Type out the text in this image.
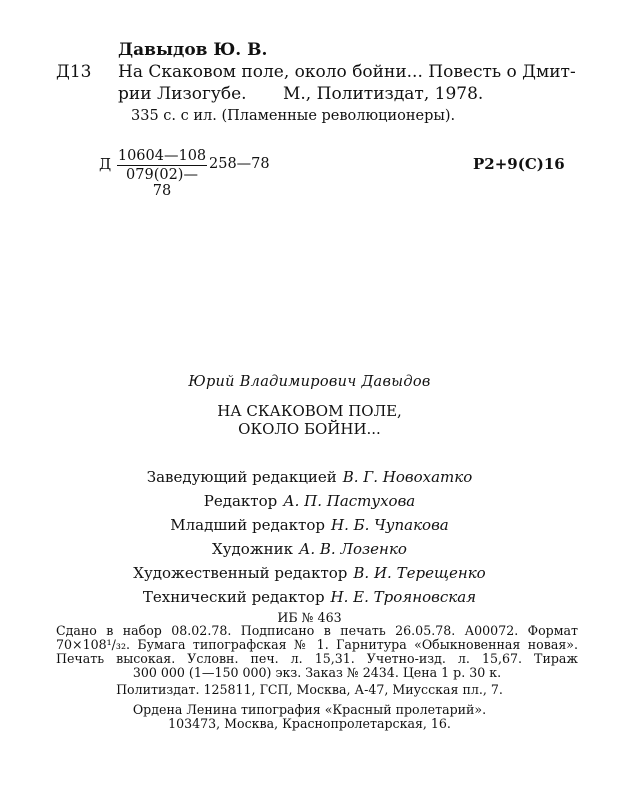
Давыдов Ю. В.
Д13 На Скаковом поле, около бойни... Повесть о Дмит-
рии Лизогубе. М., Политиздат, 1978.
335 с. с ил. (Пламенные революционеры).
Д $\frac{10604—108}{079(02)—78}$ 258—78	Р2+9(С)16
Юрий Владимирович Давыдов
НА СКАКОВОМ ПОЛЕ,
ОКОЛО БОЙНИ...
Заведующий редакцией В. Г. Новохатко
Редактор А. П. Пастухова
Младший редактор Н. Б. Чупакова
Художник А. В. Лозенко
Художественный редактор В. И. Терещенко
Технический редактор Н. Е. Трояновская
ИБ № 463
Сдано в набор 08.02.78. Подписано в печать 26.05.78. А00072. Формат
70×108¹/₃₂. Бумага типографская № 1. Гарнитура «Обыкновенная новая».
Печать высокая. Условн. печ. л. 15,31. Учетно-изд. л. 15,67. Тираж
300 000 (1—150 000) экз. Заказ № 2434. Цена 1 р. 30 к.
Политиздат. 125811, ГСП, Москва, А-47, Миусская пл., 7.
Ордена Ленина типография «Красный пролетарий».
103473, Москва, Краснопролетарская, 16.
